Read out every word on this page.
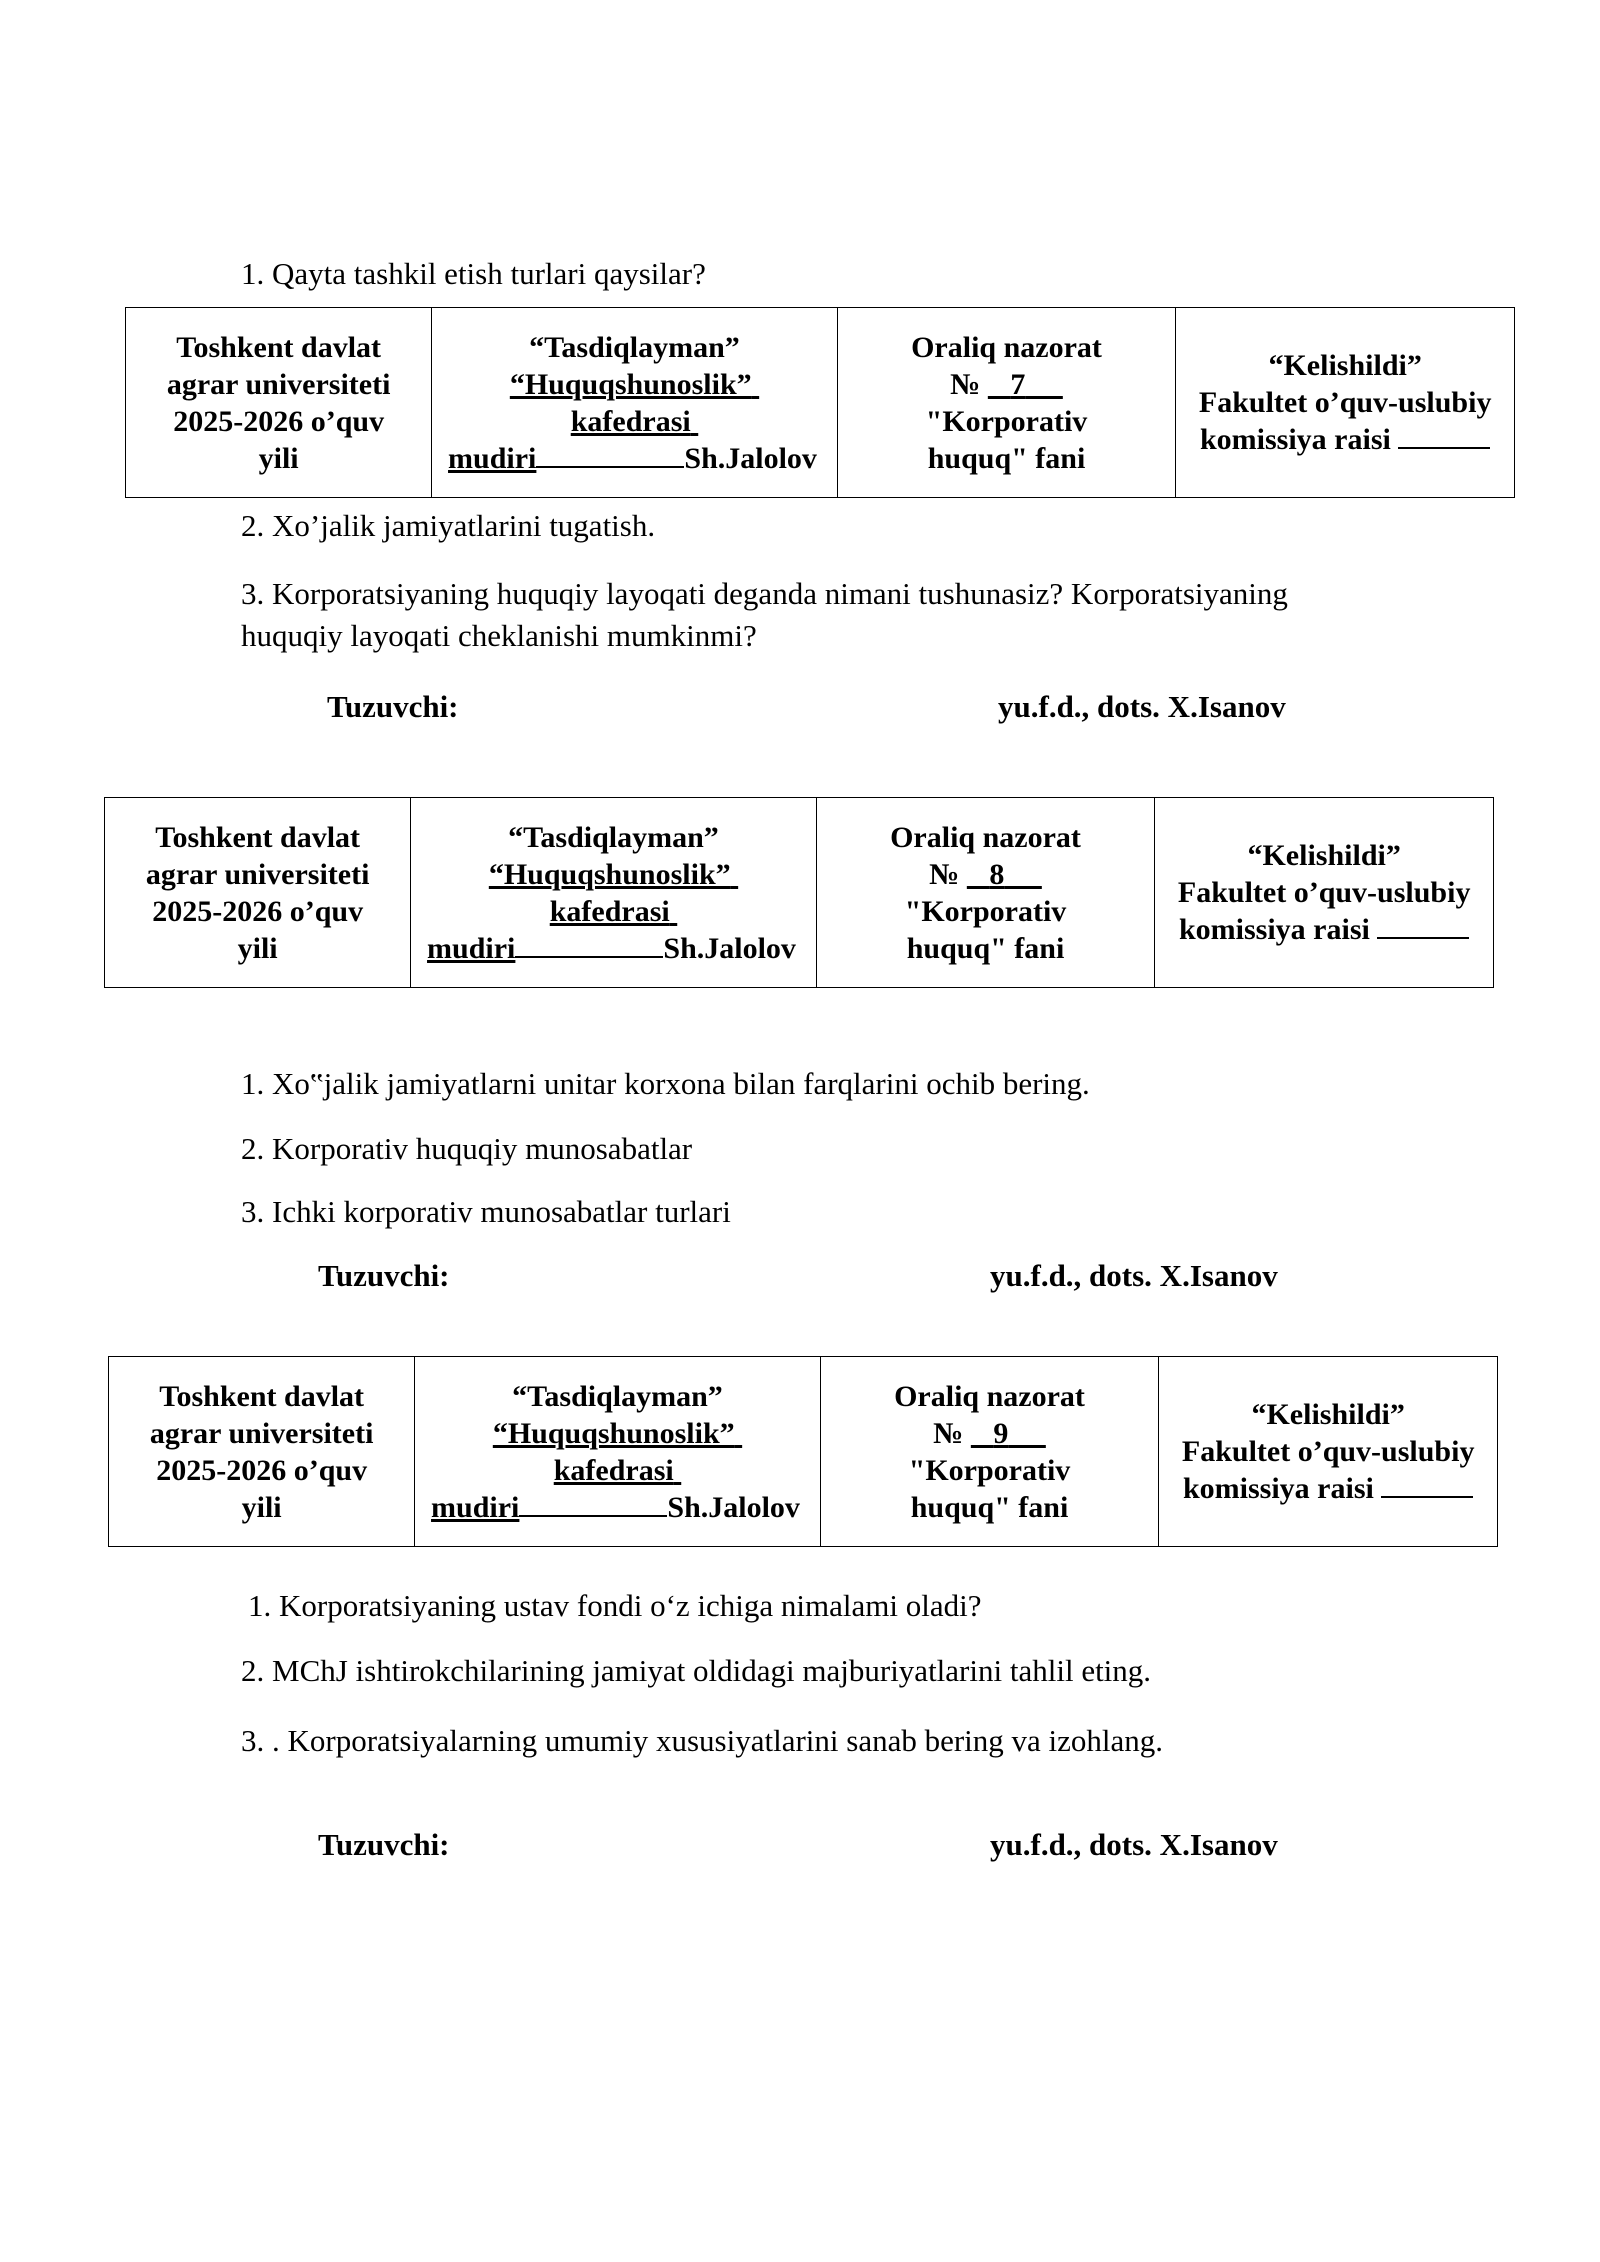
1. Qayta tashkil etish turlari qaysilar?
Toshkent davlat
agrar universiteti
2025-2026 o’quv
yili

“Tasdiqlayman”
“Huquqshunoslik”
kafedrasi
mudiri	Sh.Jalolov

Oraliq nazorat
№ 7
"Korporativ
huquq" fani

“Kelishildi”
Fakultet o’quv-uslubiy
komissiya raisi
2. Xo’jalik jamiyatlarini tugatish.
3. Korporatsiyaning huquqiy layoqati deganda nimani tushunasiz? Korporatsiyaning
huquqiy layoqati cheklanishi mumkinmi?
Tuzuvchi:	yu.f.d., dots. X.Isanov
Toshkent davlat
agrar universiteti
2025-2026 o’quv
yili

“Tasdiqlayman”
“Huquqshunoslik”
kafedrasi
mudiri	Sh.Jalolov

Oraliq nazorat
№ 8
"Korporativ
huquq" fani

“Kelishildi”
Fakultet o’quv-uslubiy
komissiya raisi
1. Xo‟jalik jamiyatlarni unitar korxona bilan farqlarini ochib bering.
2. Korporativ huquqiy munosabatlar
3. Ichki korporativ munosabatlar turlari
Tuzuvchi:	yu.f.d., dots. X.Isanov
Toshkent davlat
agrar universiteti
2025-2026 o’quv
yili

“Tasdiqlayman”
“Huquqshunoslik”
kafedrasi
mudiri	Sh.Jalolov

Oraliq nazorat
№ 9
"Korporativ
huquq" fani

“Kelishildi”
Fakultet o’quv-uslubiy
komissiya raisi
1. Korporatsiyaning ustav fondi o‘z ichiga nimalami oladi?
2. MChJ ishtirokchilarining jamiyat oldidagi majburiyatlarini tahlil eting.
3. . Korporatsiyalarning umumiy xususiyatlarini sanab bering va izohlang.
Tuzuvchi:	yu.f.d., dots. X.Isanov
